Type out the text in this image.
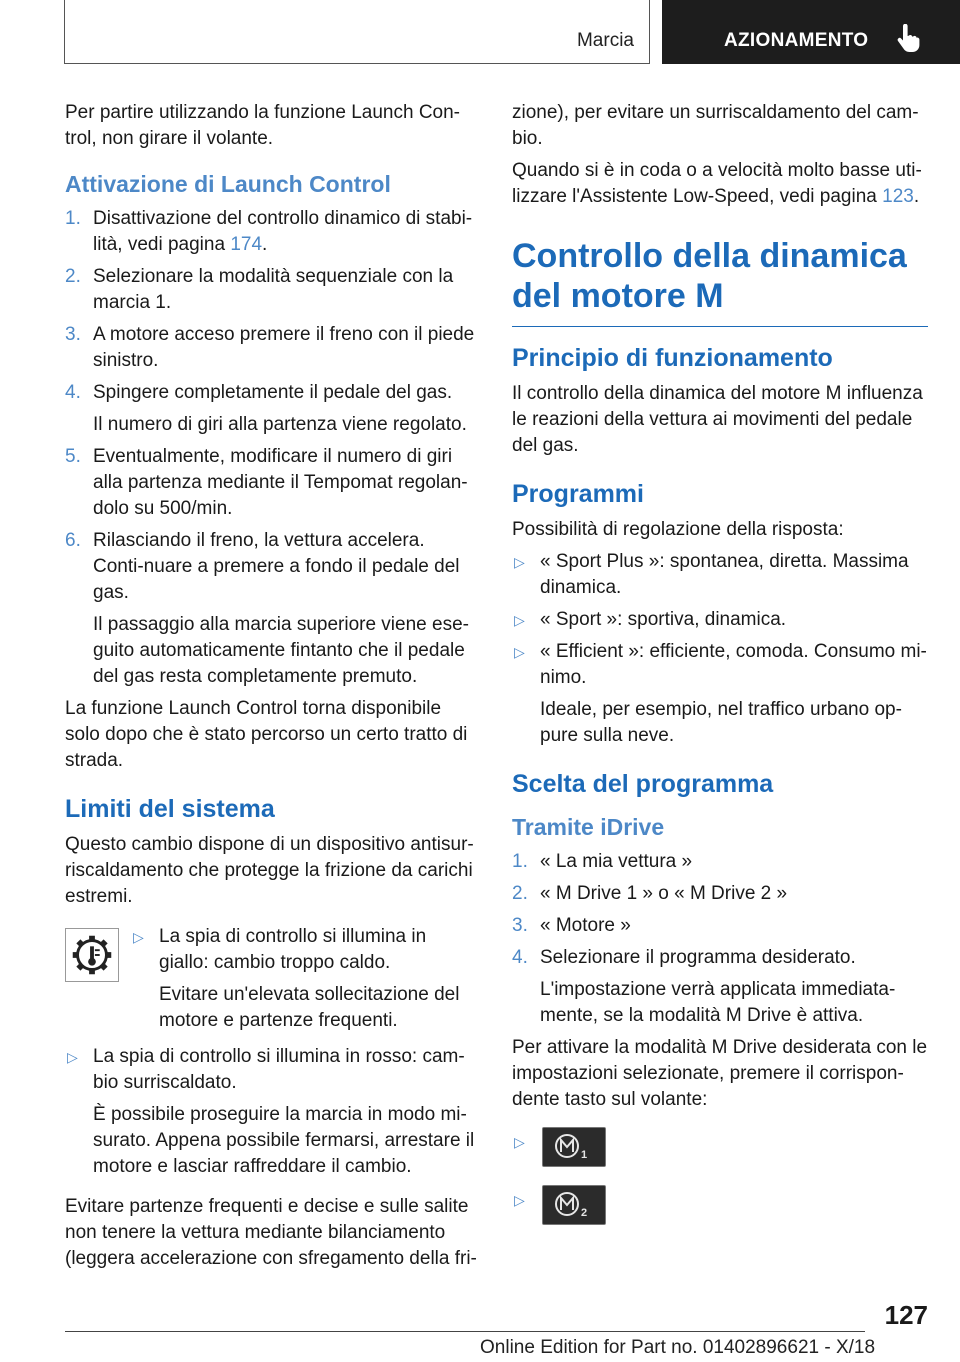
Marcia	AZIONAMENTO

Per partire utilizzando la funzione Launch Con-trol, non girare il volante.

Attivazione di Launch Control
1. Disattivazione del controllo dinamico di stabi-lità, vedi pagina 174.
2. Selezionare la modalità sequenziale con la marcia 1.
3. A motore acceso premere il freno con il piede sinistro.
4. Spingere completamente il pedale del gas.
Il numero di giri alla partenza viene regolato.
5. Eventualmente, modificare il numero di giri alla partenza mediante il Tempomat regolan-dolo su 500/min.
6. Rilasciando il freno, la vettura accelera. Conti-nuare a premere a fondo il pedale del gas.
Il passaggio alla marcia superiore viene ese-guito automaticamente fintanto che il pedale del gas resta completamente premuto.

La funzione Launch Control torna disponibile solo dopo che è stato percorso un certo tratto di strada.

Limiti del sistema

Questo cambio dispone di un dispositivo antisur-riscaldamento che protegge la frizione da carichi estremi.

▷ La spia di controllo si illumina in giallo: cambio troppo caldo.
Evitare un'elevata sollecitazione del motore e partenze frequenti.
▷ La spia di controllo si illumina in rosso: cam-bio surriscaldato.
È possibile proseguire la marcia in modo mi-surato. Appena possibile fermarsi, arrestare il motore e lasciar raffreddare il cambio.

Evitare partenze frequenti e decise e sulle salite non tenere la vettura mediante bilanciamento (leggera accelerazione con sfregamento della fri-

zione), per evitare un surriscaldamento del cam-bio.

Quando si è in coda o a velocità molto basse uti-lizzare l'Assistente Low-Speed, vedi pagina 123.

Controllo della dinamica del motore M
Principio di funzionamento

Il controllo della dinamica del motore M influenza le reazioni della vettura ai movimenti del pedale del gas.

Programmi

Possibilità di regolazione della risposta:

▷ « Sport Plus »: spontanea, diretta. Massima dinamica.
▷ « Sport »: sportiva, dinamica.
▷ « Efficient »: efficiente, comoda. Consumo mi-nimo.
Ideale, per esempio, nel traffico urbano op-pure sulla neve.
Scelta del programma
Tramite iDrive
1. « La mia vettura »
2. « M Drive 1 » o « M Drive 2 »
3. « Motore »
4. Selezionare il programma desiderato.
L'impostazione verrà applicata immediata-mente, se la modalità M Drive è attiva.

Per attivare la modalità M Drive desiderata con le impostazioni selezionate, premere il corrispon-dente tasto sul volante:

▷
1
▷
2
127
Online Edition for Part no. 01402896621 - X/18
